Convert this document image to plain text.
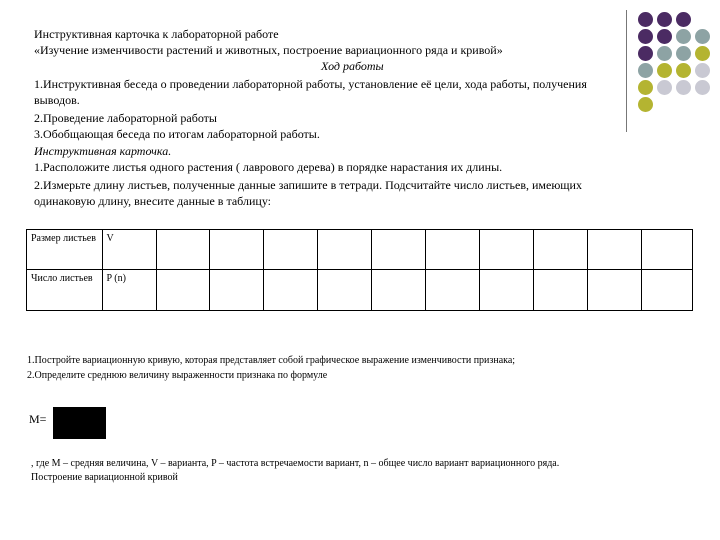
Инструктивная карточка к лабораторной работе
«Изучение изменчивости растений и животных, построение вариационного ряда и кривой»
Ход работы
1.Инструктивная беседа о проведении лабораторной работы, установление её цели, хода работы, получения
выводов.
2.Проведение лабораторной работы
3.Обобщающая беседа по итогам лабораторной работы.
Инструктивная карточка.
1.Расположите листья одного растения ( лаврового дерева) в порядке нарастания их длины.
2.Измерьте длину листьев, полученные данные запишите в тетради. Подсчитайте число листьев, имеющих
одинаковую длину, внесите данные в таблицу:
Размер листьев	V										
Число листьев	P (n)										
1.Постройте вариационную кривую, которая представляет собой графическое выражение изменчивости признака;
2.Определите среднюю величину выраженности признака по формуле
M=
, где М – средняя величина, V – варианта, P – частота встречаемости вариант, n – общее число вариант вариационного ряда.
Построение вариационной кривой
